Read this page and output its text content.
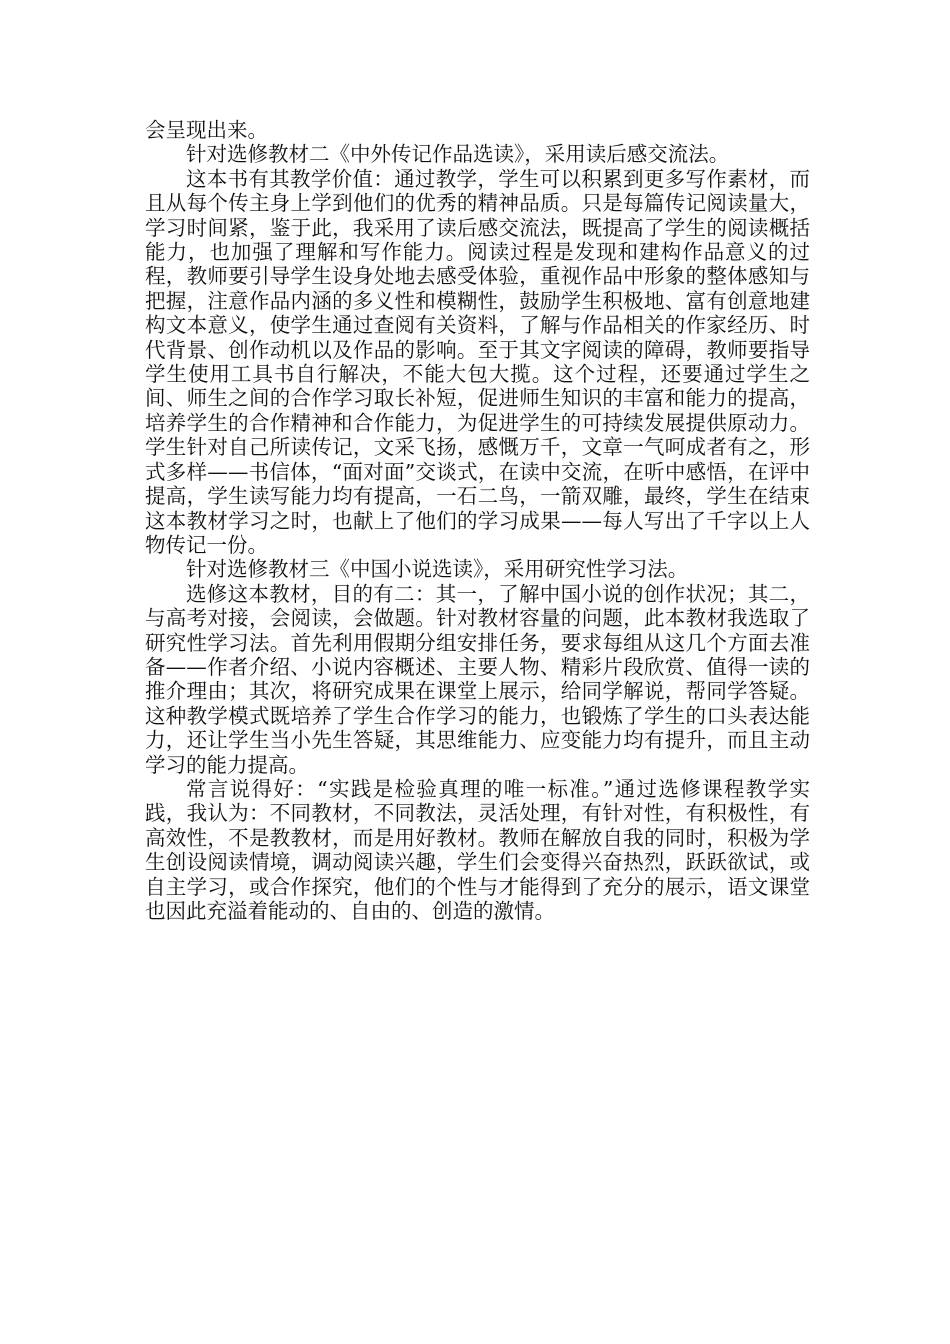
会呈现出来。

针对选修教材二《中外传记作品选读》，采用读后感交流法。

这本书有其教学价值：通过教学，学生可以积累到更多写作素材，而且从每个传主身上学到他们的优秀的精神品质。只是每篇传记阅读量大，学习时间紧，鉴于此，我采用了读后感交流法，既提高了学生的阅读概括能力，也加强了理解和写作能力。阅读过程是发现和建构作品意义的过程，教师要引导学生设身处地去感受体验，重视作品中形象的整体感知与把握，注意作品内涵的多义性和模糊性，鼓励学生积极地、富有创意地建构文本意义，使学生通过查阅有关资料，了解与作品相关的作家经历、时代背景、创作动机以及作品的影响。至于其文字阅读的障碍，教师要指导学生使用工具书自行解决，不能大包大揽。这个过程，还要通过学生之间、师生之间的合作学习取长补短，促进师生知识的丰富和能力的提高，培养学生的合作精神和合作能力，为促进学生的可持续发展提供原动力。学生针对自己所读传记，文采飞扬，感慨万千，文章一气呵成者有之，形式多样——书信体，“面对面”交谈式，在读中交流，在听中感悟，在评中提高，学生读写能力均有提高，一石二鸟，一箭双雕，最终，学生在结束这本教材学习之时，也献上了他们的学习成果——每人写出了千字以上人物传记一份。

针对选修教材三《中国小说选读》，采用研究性学习法。

选修这本教材，目的有二：其一，了解中国小说的创作状况；其二，与高考对接，会阅读，会做题。针对教材容量的问题，此本教材我选取了研究性学习法。首先利用假期分组安排任务，要求每组从这几个方面去准备——作者介绍、小说内容概述、主要人物、精彩片段欣赏、值得一读的推介理由；其次，将研究成果在课堂上展示，给同学解说，帮同学答疑。这种教学模式既培养了学生合作学习的能力，也锻炼了学生的口头表达能力，还让学生当小先生答疑，其思维能力、应变能力均有提升，而且主动学习的能力提高。

常言说得好：“实践是检验真理的唯一标准。”通过选修课程教学实践，我认为：不同教材，不同教法，灵活处理，有针对性，有积极性，有高效性，不是教教材，而是用好教材。教师在解放自我的同时，积极为学生创设阅读情境，调动阅读兴趣，学生们会变得兴奋热烈，跃跃欲试，或自主学习，或合作探究，他们的个性与才能得到了充分的展示，语文课堂也因此充溢着能动的、自由的、创造的激情。
